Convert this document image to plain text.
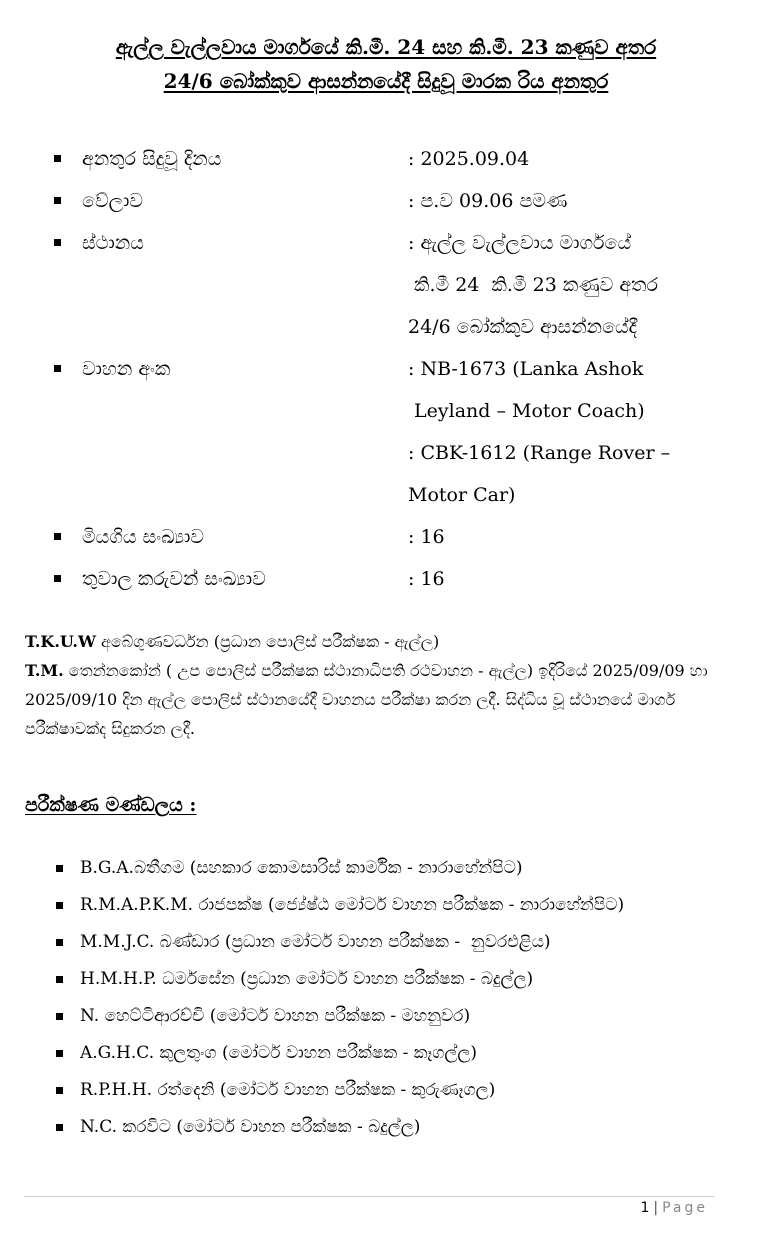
ඇල්ල වැල්ලවාය මාර්ගයේ කි.මී. 24 සහ කි.මී. 23 කණුව අතර
24/6 බෝක්කුව ආසන්නයේදී සිදුවූ මාරක රිය අනතුර
අනතුර සිදුවූ දිනය	: 2025.09.04
වේලාව	: ප.ව 09.06 පමණ
ස්ථානය	: ඇල්ල වැල්ලවාය මාර්ගයේ
කි.මී 24  කි.මී 23 කණුව අතර
24/6 බෝක්කුව ආසන්නයේදී
වාහන අංක	: NB-1673 (Lanka Ashok
Leyland – Motor Coach)
: CBK-1612 (Range Rover –
Motor Car)
මියගිය සංඛ්‍යාව	: 16
තුවාල කරුවන් සංඛ්‍යාව	: 16
T.K.U.W අබේගුණවර්ධන (ප්‍රධාන පොලිස් පරීක්ෂක - ඇල්ල)
T.M. තෙන්නකෝන් ( උප පොලිස් පරීක්ෂක ස්ථානාධිපති රථවාහන - ඇල්ල) ඉදිරියේ 2025/09/09 හා 2025/09/10 දින ඇල්ල පොලිස් ස්ථානයේදී වාහනය පරීක්ෂා කරන ලදී. සිද්ධිය වූ ස්ථානයේ මාර්ග පරීක්ෂාවක්ද සිදුකරන ලදී.
පරීක්ෂණ මණ්ඩලය :
B.G.A.බතීගම (සහකාර කොමසාරිස් කාර්මික - නාරාහේන්පිට)
R.M.A.P.K.M. රාජපක්ෂ (ජ්‍යේෂ්ඨ මෝටර් වාහන පරීක්ෂක - නාරාහේන්පිට)
M.M.J.C. බණ්ඩාර (ප්‍රධාන මෝටර් වාහන පරීක්ෂක -  නුවරඑළිය)
H.M.H.P. ධර්මසේන (ප්‍රධාන මෝටර් වාහන පරීක්ෂක - බදුල්ල)
N. හෙට්ටිආරච්චි (මෝටර් වාහන පරීක්ෂක - මහනුවර)
A.G.H.C. කුලතුංග (මෝටර් වාහන පරීක්ෂක - කෑගල්ල)
R.P.H.H. රත්දෙනි (මෝටර් වාහන පරීක්ෂක - කුරුණෑගල)
N.C. කරවිට (මෝටර් වාහන පරීක්ෂක - බදුල්ල)
1 | Page
